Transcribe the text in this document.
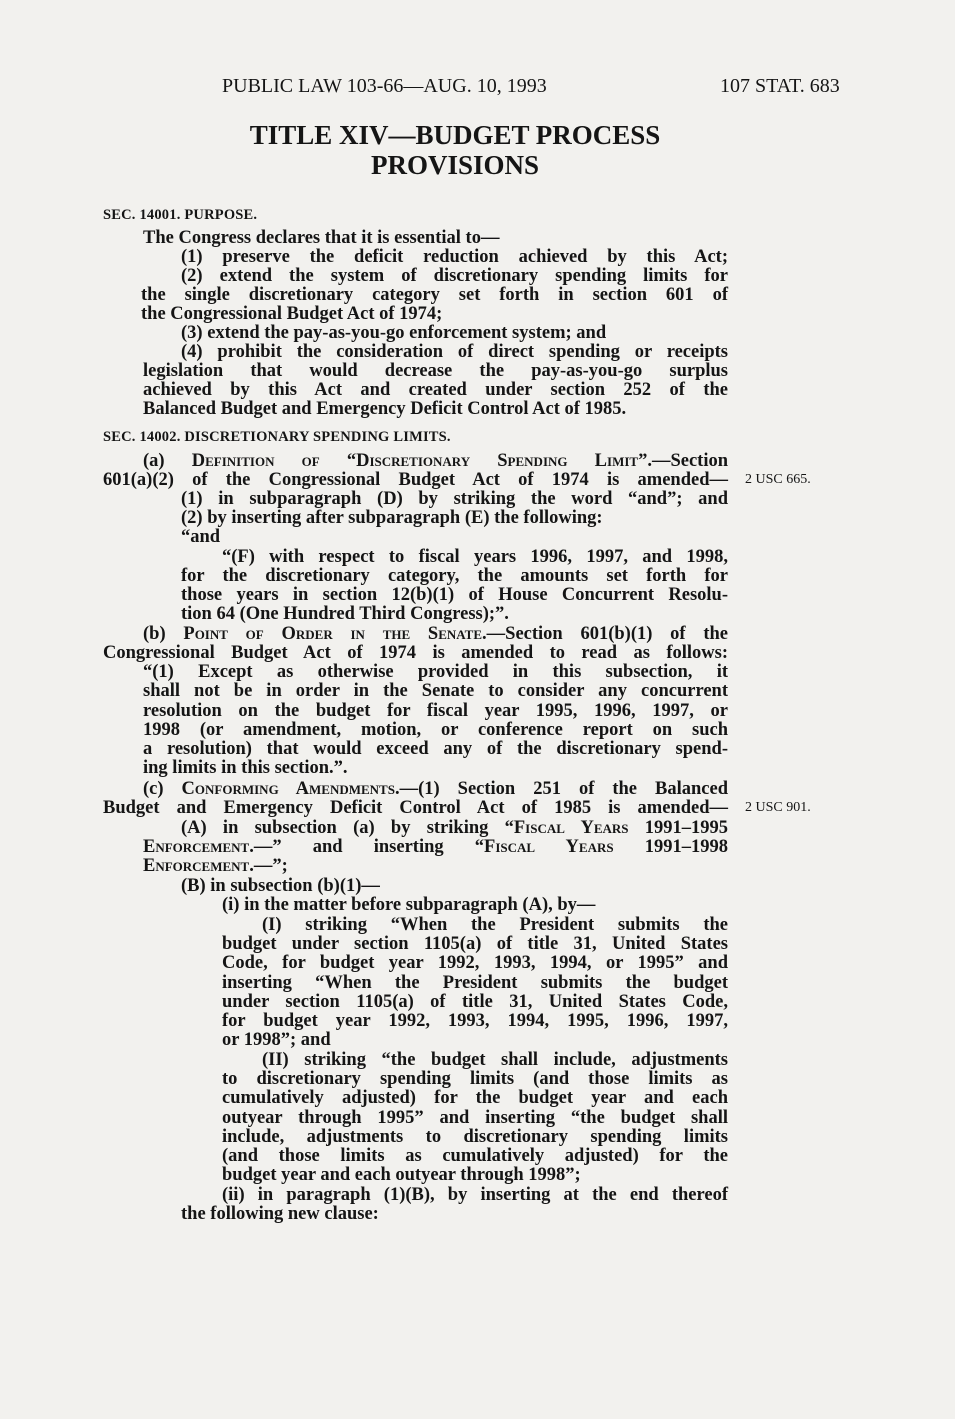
PUBLIC LAW 103-66—AUG. 10, 1993	107 STAT. 683
TITLE XIV—BUDGET PROCESS
PROVISIONS
SEC. 14001. PURPOSE.
The Congress declares that it is essential to—
(1) preserve the deficit reduction achieved by this Act;
(2) extend the system of discretionary spending limits for
the single discretionary category set forth in section 601 of
the Congressional Budget Act of 1974;
(3) extend the pay-as-you-go enforcement system; and
(4) prohibit the consideration of direct spending or receipts
legislation that would decrease the pay-as-you-go surplus
achieved by this Act and created under section 252 of the
Balanced Budget and Emergency Deficit Control Act of 1985.
SEC. 14002. DISCRETIONARY SPENDING LIMITS.
(a) Definition of “Discretionary Spending Limit”.—Section
2 USC 665.
601(a)(2) of the Congressional Budget Act of 1974 is amended—
(1) in subparagraph (D) by striking the word “and”; and
(2) by inserting after subparagraph (E) the following:
“and
“(F) with respect to fiscal years 1996, 1997, and 1998,
for the discretionary category, the amounts set forth for
those years in section 12(b)(1) of House Concurrent Resolu-
tion 64 (One Hundred Third Congress);”.
(b) Point of Order in the Senate.—Section 601(b)(1) of the
Congressional Budget Act of 1974 is amended to read as follows:
“(1) Except as otherwise provided in this subsection, it
shall not be in order in the Senate to consider any concurrent
resolution on the budget for fiscal year 1995, 1996, 1997, or
1998 (or amendment, motion, or conference report on such
a resolution) that would exceed any of the discretionary spend-
ing limits in this section.”.
(c) Conforming Amendments.—(1) Section 251 of the Balanced
Budget and Emergency Deficit Control Act of 1985 is amended— 2 USC 901.
(A) in subsection (a) by striking “Fiscal Years 1991–1995
Enforcement.—” and inserting “Fiscal Years 1991–1998
Enforcement.—”;
(B) in subsection (b)(1)—
(i) in the matter before subparagraph (A), by—
(I) striking “When the President submits the
budget under section 1105(a) of title 31, United States
Code, for budget year 1992, 1993, 1994, or 1995” and
inserting “When the President submits the budget
under section 1105(a) of title 31, United States Code,
for budget year 1992, 1993, 1994, 1995, 1996, 1997,
or 1998”; and
(II) striking “the budget shall include, adjustments
to discretionary spending limits (and those limits as
cumulatively adjusted) for the budget year and each
outyear through 1995” and inserting “the budget shall
include, adjustments to discretionary spending limits
(and those limits as cumulatively adjusted) for the
budget year and each outyear through 1998”;
(ii) in paragraph (1)(B), by inserting at the end thereof
the following new clause:
